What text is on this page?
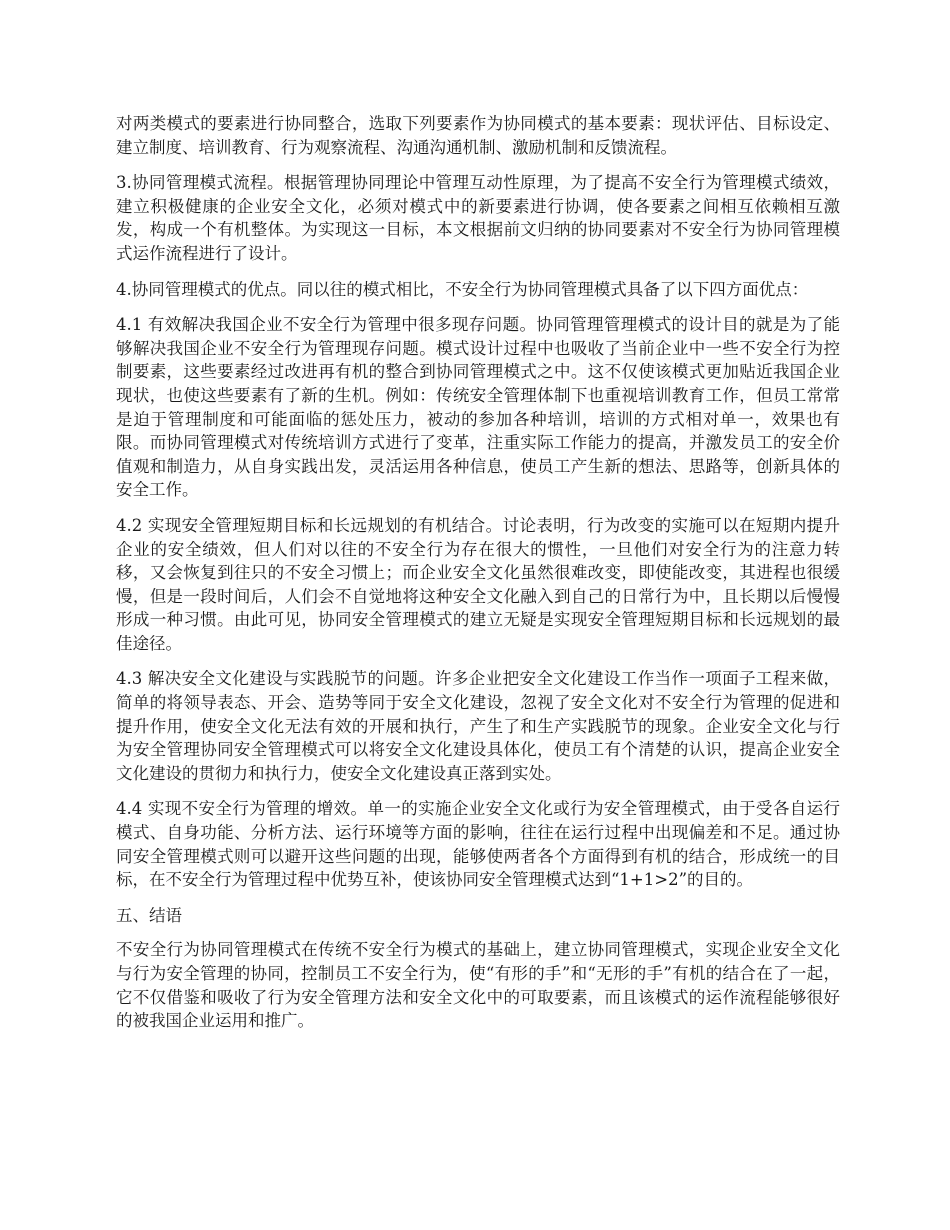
对两类模式的要素进行协同整合，选取下列要素作为协同模式的基本要素：现状评估、目标设定、建立制度、培训教育、行为观察流程、沟通沟通机制、激励机制和反馈流程。

3.协同管理模式流程。根据管理协同理论中管理互动性原理，为了提高不安全行为管理模式绩效，建立积极健康的企业安全文化，必须对模式中的新要素进行协调，使各要素之间相互依赖相互激发，构成一个有机整体。为实现这一目标，本文根据前文归纳的协同要素对不安全行为协同管理模式运作流程进行了设计。

4.协同管理模式的优点。同以往的模式相比，不安全行为协同管理模式具备了以下四方面优点：

4.1 有效解决我国企业不安全行为管理中很多现存问题。协同管理管理模式的设计目的就是为了能够解决我国企业不安全行为管理现存问题。模式设计过程中也吸收了当前企业中一些不安全行为控制要素，这些要素经过改进再有机的整合到协同管理模式之中。这不仅使该模式更加贴近我国企业现状，也使这些要素有了新的生机。例如：传统安全管理体制下也重视培训教育工作，但员工常常是迫于管理制度和可能面临的惩处压力，被动的参加各种培训，培训的方式相对单一，效果也有限。而协同管理模式对传统培训方式进行了变革，注重实际工作能力的提高，并激发员工的安全价值观和制造力，从自身实践出发，灵活运用各种信息，使员工产生新的想法、思路等，创新具体的安全工作。

4.2 实现安全管理短期目标和长远规划的有机结合。讨论表明，行为改变的实施可以在短期内提升企业的安全绩效，但人们对以往的不安全行为存在很大的惯性，一旦他们对安全行为的注意力转移，又会恢复到往只的不安全习惯上；而企业安全文化虽然很难改变，即使能改变，其进程也很缓慢，但是一段时间后，人们会不自觉地将这种安全文化融入到自己的日常行为中，且长期以后慢慢形成一种习惯。由此可见，协同安全管理模式的建立无疑是实现安全管理短期目标和长远规划的最佳途径。

4.3 解决安全文化建设与实践脱节的问题。许多企业把安全文化建设工作当作一项面子工程来做，简单的将领导表态、开会、造势等同于安全文化建设，忽视了安全文化对不安全行为管理的促进和提升作用，使安全文化无法有效的开展和执行，产生了和生产实践脱节的现象。企业安全文化与行为安全管理协同安全管理模式可以将安全文化建设具体化，使员工有个清楚的认识，提高企业安全文化建设的贯彻力和执行力，使安全文化建设真正落到实处。

4.4 实现不安全行为管理的增效。单一的实施企业安全文化或行为安全管理模式，由于受各自运行模式、自身功能、分析方法、运行环境等方面的影响，往往在运行过程中出现偏差和不足。通过协同安全管理模式则可以避开这些问题的出现，能够使两者各个方面得到有机的结合，形成统一的目标，在不安全行为管理过程中优势互补，使该协同安全管理模式达到“1+1>2”的目的。

五、结语

不安全行为协同管理模式在传统不安全行为模式的基础上，建立协同管理模式，实现企业安全文化与行为安全管理的协同，控制员工不安全行为，使“有形的手”和“无形的手”有机的结合在了一起，它不仅借鉴和吸收了行为安全管理方法和安全文化中的可取要素，而且该模式的运作流程能够很好的被我国企业运用和推广。
